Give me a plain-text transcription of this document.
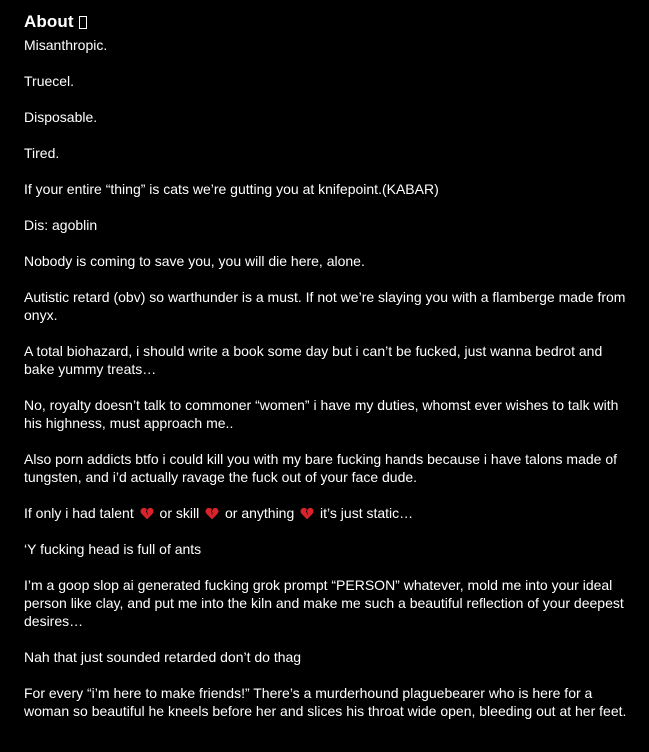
About

Misanthropic.

Truecel.

Disposable.

Tired.

If your entire “thing” is cats we’re gutting you at knifepoint.(KABAR)

Dis: agoblin

Nobody is coming to save you, you will die here, alone.

Autistic retard (obv) so warthunder is a must. If not we’re slaying you with a flamberge made from onyx.

A total biohazard, i should write a book some day but i can’t be fucked, just wanna bedrot and bake yummy treats…

No, royalty doesn’t talk to commoner “women” i have my duties, whomst ever wishes to talk with his highness, must approach me..

Also porn addicts btfo i could kill you with my bare fucking hands because i have talons made of tungsten, and i’d actually ravage the fuck out of your face dude.

If only i had talent or skill or anything it’s just static…

‘Y fucking head is full of ants

I’m a goop slop ai generated fucking grok prompt “PERSON” whatever, mold me into your ideal person like clay, and put me into the kiln and make me such a beautiful reflection of your deepest desires…

Nah that just sounded retarded don’t do thag

For every “i’m here to make friends!” There’s a murderhound plaguebearer who is here for a woman so beautiful he kneels before her and slices his throat wide open, bleeding out at her feet.
